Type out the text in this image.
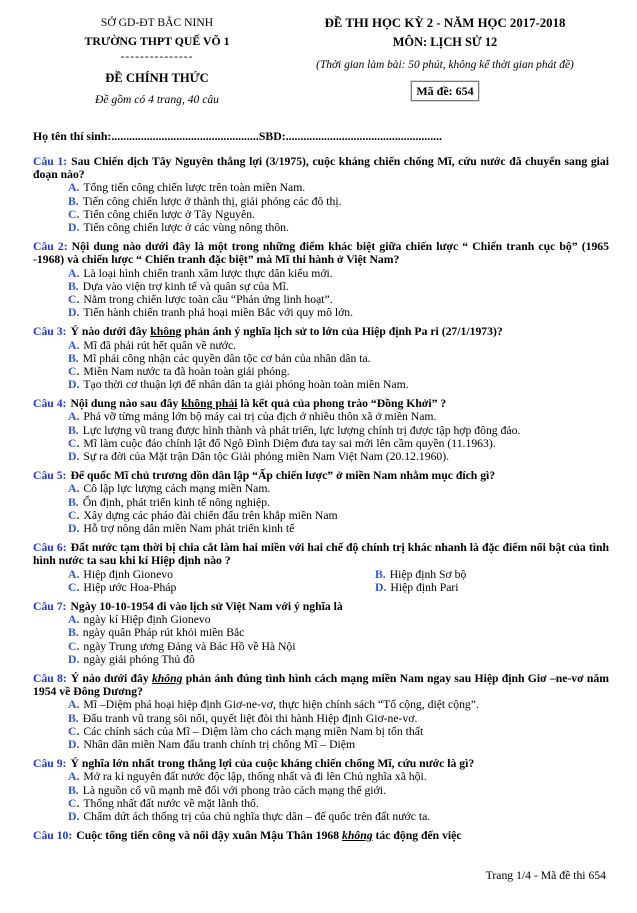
SỞ GD-ĐT BẮC NINH
TRƯỜNG THPT QUẾ VÕ 1
---------------
ĐỀ CHÍNH THỨC
Đề gồm có 4 trang, 40 câu
ĐỀ THI HỌC KỲ 2 - NĂM HỌC 2017-2018
MÔN: LỊCH SỬ 12
(Thời gian làm bài: 50 phút, không kể thời gian phát đề)
Mã đề: 654
Họ tên thí sinh:..................................................SBD:.....................................................

Câu 1: Sau Chiến dịch Tây Nguyên thắng lợi (3/1975), cuộc kháng chiến chống Mĩ, cứu nước đã chuyển sang giai đoạn nào?

A. Tổng tiến công chiến lược trên toàn miền Nam.

B. Tiến công chiến lược ở thành thị, giải phóng các đô thị.

C. Tiến công chiến lược ở Tây Nguyên.

D. Tiến công chiến lược ở các vùng nông thôn.

Câu 2: Nội dung nào dưới đây là một trong những điểm khác biệt giữa chiến lược “ Chiến tranh cục bộ” (1965 -1968) và chiến lược “ Chiến tranh đặc biệt” mà Mĩ thi hành ở Việt Nam?

A. Là loại hình chiến tranh xâm lược thực dân kiểu mới.

B. Dựa vào viện trợ kinh tế và quân sự của Mĩ.

C. Nằm trong chiến lược toàn cầu “Phản ứng linh hoạt”.

D. Tiến hành chiến tranh phá hoại miền Bắc với quy mô lớn.

Câu 3: Ý nào dưới đây không phản ánh ý nghĩa lịch sử to lớn của Hiệp định Pa ri (27/1/1973)?

A. Mĩ đã phải rút hết quân về nước.

B. Mĩ phải công nhận các quyền dân tộc cơ bản của nhân dân ta.

C. Miền Nam nước ta đã hoàn toàn giải phóng.

D. Tạo thời cơ thuận lợi để nhân dân ta giải phóng hoàn toàn miền Nam.

Câu 4: Nội dung nào sau đây không phải là kết quả của phong trào “Đồng Khởi” ?

A. Phá vỡ từng mảng lớn bộ máy cai trị của địch ở nhiều thôn xã ở miền Nam.

B. Lực lượng vũ trang được hình thành và phát triển, lực lượng chính trị được tập hợp đông đảo.

C. Mĩ làm cuộc đảo chính lật đổ Ngô Đình Diệm đưa tay sai mới lên cầm quyền (11.1963).

D. Sự ra đời của Mặt trận Dân tộc Giải phóng miền Nam Việt Nam (20.12.1960).

Câu 5: Đế quốc Mĩ chủ trương dồn dân lập “Ấp chiến lược” ở miền Nam nhằm mục đích gì?

A. Cô lập lực lượng cách mạng miền Nam.

B. Ổn định, phát triển kinh tế nông nghiệp.

C. Xây dựng các pháo đài chiến đấu trên khắp miền Nam

D. Hỗ trợ nông dân miền Nam phát triển kinh tế

Câu 6: Đất nước tạm thời bị chia cắt làm hai miền với hai chế độ chính trị khác nhanh là đặc điểm nổi bật của tình hình nước ta sau khi kí Hiệp định nào ?

A. Hiệp định Gionevo	B. Hiệp định Sơ bộ

C. Hiệp ước Hoa-Pháp	D. Hiệp định Pari

Câu 7: Ngày 10-10-1954 đi vào lịch sử Việt Nam với ý nghĩa là

A. ngày kí Hiệp định Gionevo

B. ngày quân Pháp rút khỏi miền Bắc

C. ngày Trung ương Đảng và Bác Hồ về Hà Nội

D. ngày giải phóng Thủ đô

Câu 8: Ý nào dưới đây không phản ánh đúng tình hình cách mạng miền Nam ngay sau Hiệp định Giơ –ne-vơ năm 1954 về Đông Dương?

A. Mĩ –Diệm phá hoại hiệp định Giơ-ne-vơ, thực hiện chính sách “Tố cộng, diệt cộng”.

B. Đấu tranh vũ trang sôi nổi, quyết liệt đòi thi hành Hiệp định Giơ-ne-vơ.

C. Các chính sách của Mĩ – Diệm làm cho cách mạng miền Nam bị tổn thất

D. Nhân dân miền Nam đấu tranh chính trị chống Mĩ – Diệm

Câu 9: Ý nghĩa lớn nhất trong thắng lợi của cuộc kháng chiến chống Mĩ, cứu nước là gì?

A. Mở ra kỉ nguyên đất nước độc lập, thống nhất và đi lên Chủ nghĩa xã hội.

B. Là nguồn cổ vũ mạnh mẽ đối với phong trào cách mạng thế giới.

C. Thống nhất đất nước về mặt lãnh thổ.

D. Chấm dứt ách thống trị của chủ nghĩa thực dân – đế quốc trên đất nước ta.

Câu 10: Cuộc tổng tiến công và nổi dậy xuân Mậu Thân 1968 không tác động đến việc

Trang 1/4 - Mã đề thi 654
